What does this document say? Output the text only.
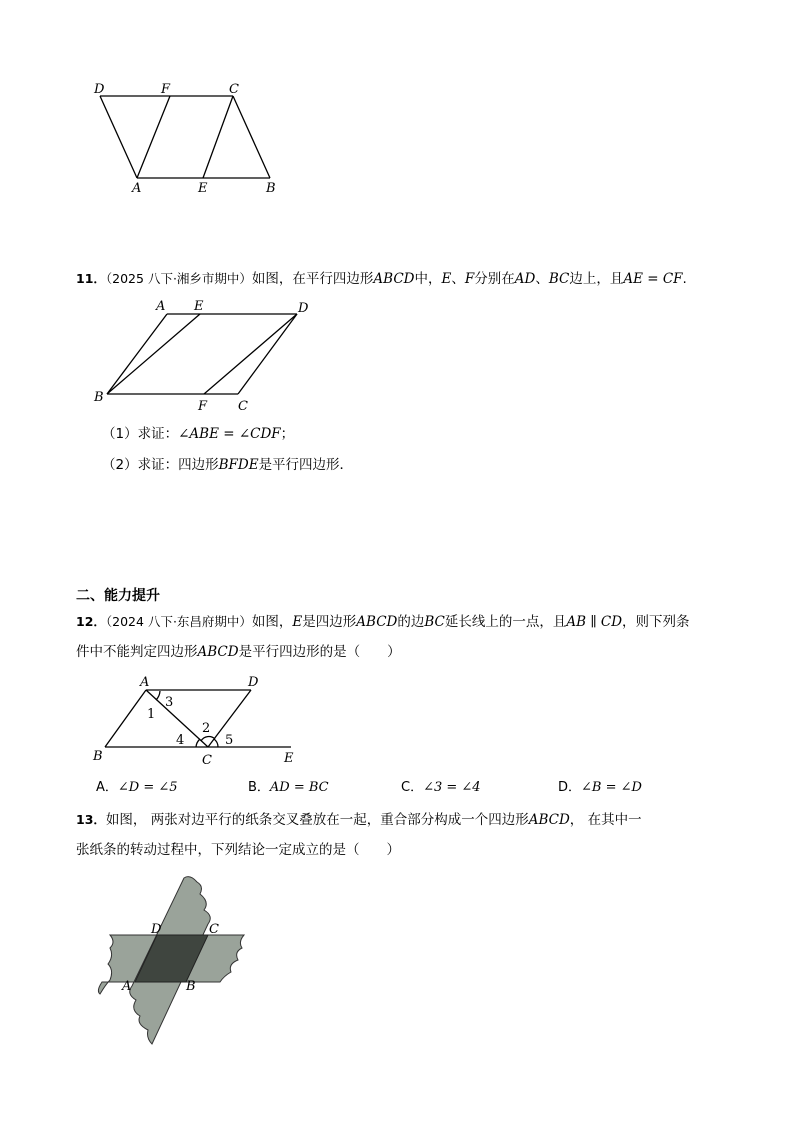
D	F	C
A	E	B
11．（2025 八下·湘乡市期中）如图，在平行四边形ABCD中，E、F分别在AD、BC边上，且AE = CF.
A E	D
B
F C
（1）求证：∠ABE = ∠CDF；
（2）求证：四边形BFDE是平行四边形．
二、能力提升
12．（2024 八下·东昌府期中）如图，E是四边形ABCD的边BC延长线上的一点，且AB ∥ CD，则下列条
件中不能判定四边形ABCD是平行四边形的是（　　）
A	D
B	C	E
1
3
2
4	5
A．∠D = ∠5	B．AD = BC	C．∠3 = ∠4	D．∠B = ∠D
13．如图， 两张对边平行的纸条交叉叠放在一起，重合部分构成一个四边形ABCD， 在其中一
张纸条的转动过程中，下列结论一定成立的是（　　）
D	C
A	B
